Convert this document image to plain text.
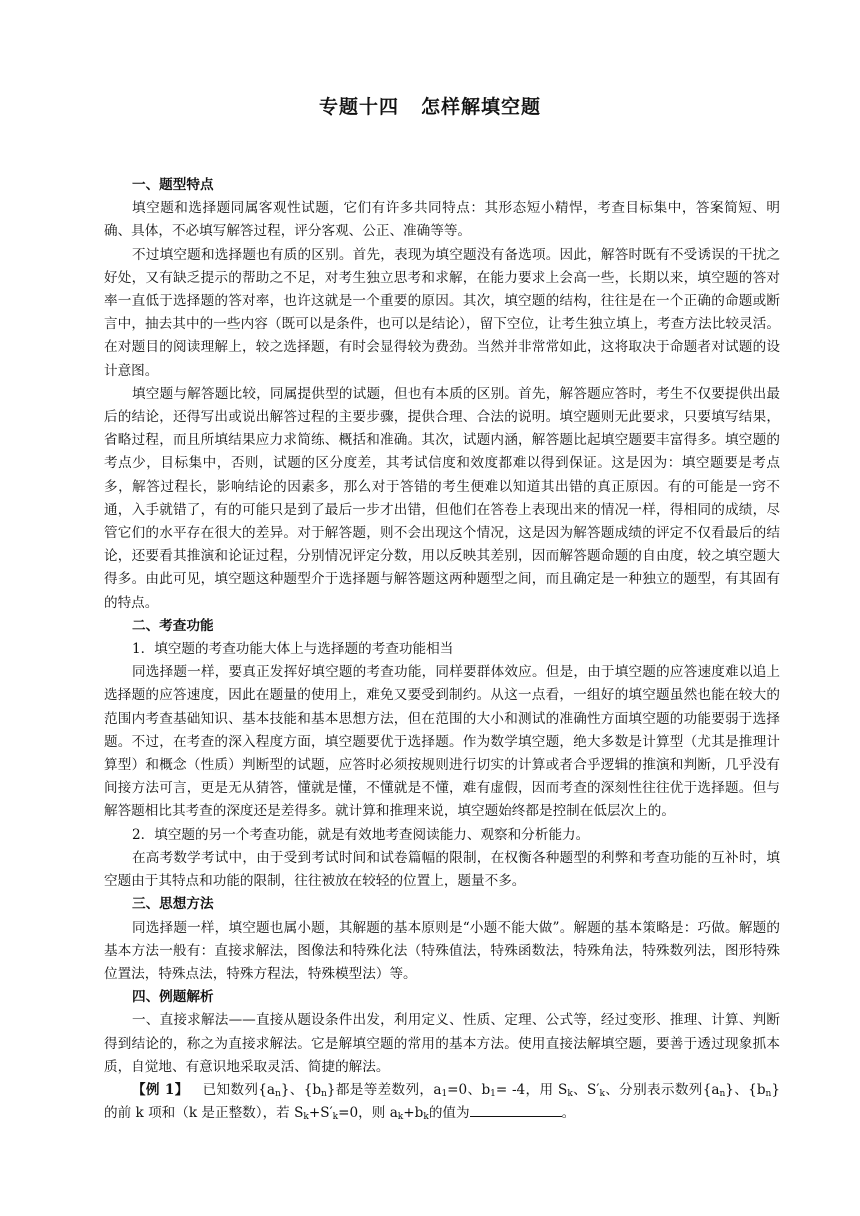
专题十四 怎样解填空题
一、题型特点

填空题和选择题同属客观性试题，它们有许多共同特点：其形态短小精悍，考查目标集中，答案简短、明确、具体，不必填写解答过程，评分客观、公正、准确等等。

不过填空题和选择题也有质的区别。首先，表现为填空题没有备选项。因此，解答时既有不受诱误的干扰之好处，又有缺乏提示的帮助之不足，对考生独立思考和求解，在能力要求上会高一些，长期以来，填空题的答对率一直低于选择题的答对率，也许这就是一个重要的原因。其次，填空题的结构，往往是在一个正确的命题或断言中，抽去其中的一些内容（既可以是条件，也可以是结论），留下空位，让考生独立填上，考查方法比较灵活。在对题目的阅读理解上，较之选择题，有时会显得较为费劲。当然并非常常如此，这将取决于命题者对试题的设计意图。

填空题与解答题比较，同属提供型的试题，但也有本质的区别。首先，解答题应答时，考生不仅要提供出最后的结论，还得写出或说出解答过程的主要步骤，提供合理、合法的说明。填空题则无此要求，只要填写结果，省略过程，而且所填结果应力求简练、概括和准确。其次，试题内涵，解答题比起填空题要丰富得多。填空题的考点少，目标集中，否则，试题的区分度差，其考试信度和效度都难以得到保证。这是因为：填空题要是考点多，解答过程长，影响结论的因素多，那么对于答错的考生便难以知道其出错的真正原因。有的可能是一窍不通，入手就错了，有的可能只是到了最后一步才出错，但他们在答卷上表现出来的情况一样，得相同的成绩，尽管它们的水平存在很大的差异。对于解答题，则不会出现这个情况，这是因为解答题成绩的评定不仅看最后的结论，还要看其推演和论证过程，分别情况评定分数，用以反映其差别，因而解答题命题的自由度，较之填空题大得多。由此可见，填空题这种题型介于选择题与解答题这两种题型之间，而且确定是一种独立的题型，有其固有的特点。

二、考查功能

1．填空题的考查功能大体上与选择题的考查功能相当

同选择题一样，要真正发挥好填空题的考查功能，同样要群体效应。但是，由于填空题的应答速度难以追上选择题的应答速度，因此在题量的使用上，难免又要受到制约。从这一点看，一组好的填空题虽然也能在较大的范围内考查基础知识、基本技能和基本思想方法，但在范围的大小和测试的准确性方面填空题的功能要弱于选择题。不过，在考查的深入程度方面，填空题要优于选择题。作为数学填空题，绝大多数是计算型（尤其是推理计算型）和概念（性质）判断型的试题，应答时必须按规则进行切实的计算或者合乎逻辑的推演和判断，几乎没有间接方法可言，更是无从猜答，懂就是懂，不懂就是不懂，难有虚假，因而考查的深刻性往往优于选择题。但与解答题相比其考查的深度还是差得多。就计算和推理来说，填空题始终都是控制在低层次上的。

2．填空题的另一个考查功能，就是有效地考查阅读能力、观察和分析能力。

在高考数学考试中，由于受到考试时间和试卷篇幅的限制，在权衡各种题型的利弊和考查功能的互补时，填空题由于其特点和功能的限制，往往被放在较轻的位置上，题量不多。

三、思想方法

同选择题一样，填空题也属小题，其解题的基本原则是“小题不能大做”。解题的基本策略是：巧做。解题的基本方法一般有：直接求解法，图像法和特殊化法（特殊值法，特殊函数法，特殊角法，特殊数列法，图形特殊位置法，特殊点法，特殊方程法，特殊模型法）等。

四、例题解析

一、直接求解法——直接从题设条件出发，利用定义、性质、定理、公式等，经过变形、推理、计算、判断得到结论的，称之为直接求解法。它是解填空题的常用的基本方法。使用直接法解填空题，要善于透过现象抓本质，自觉地、有意识地采取灵活、简捷的解法。

【例 1】 已知数列$\{a_n\}$、$\{b_n\}$都是等差数列，$a_1=0$、$b_1= -4$，用 $S_k$、$S'_k$、分别表示数列$\{a_n\}$、$\{b_n\}$的前 k 项和（k 是正整数），若 $S_k+S'_k=0$，则 $a_k+b_k$的值为	。
